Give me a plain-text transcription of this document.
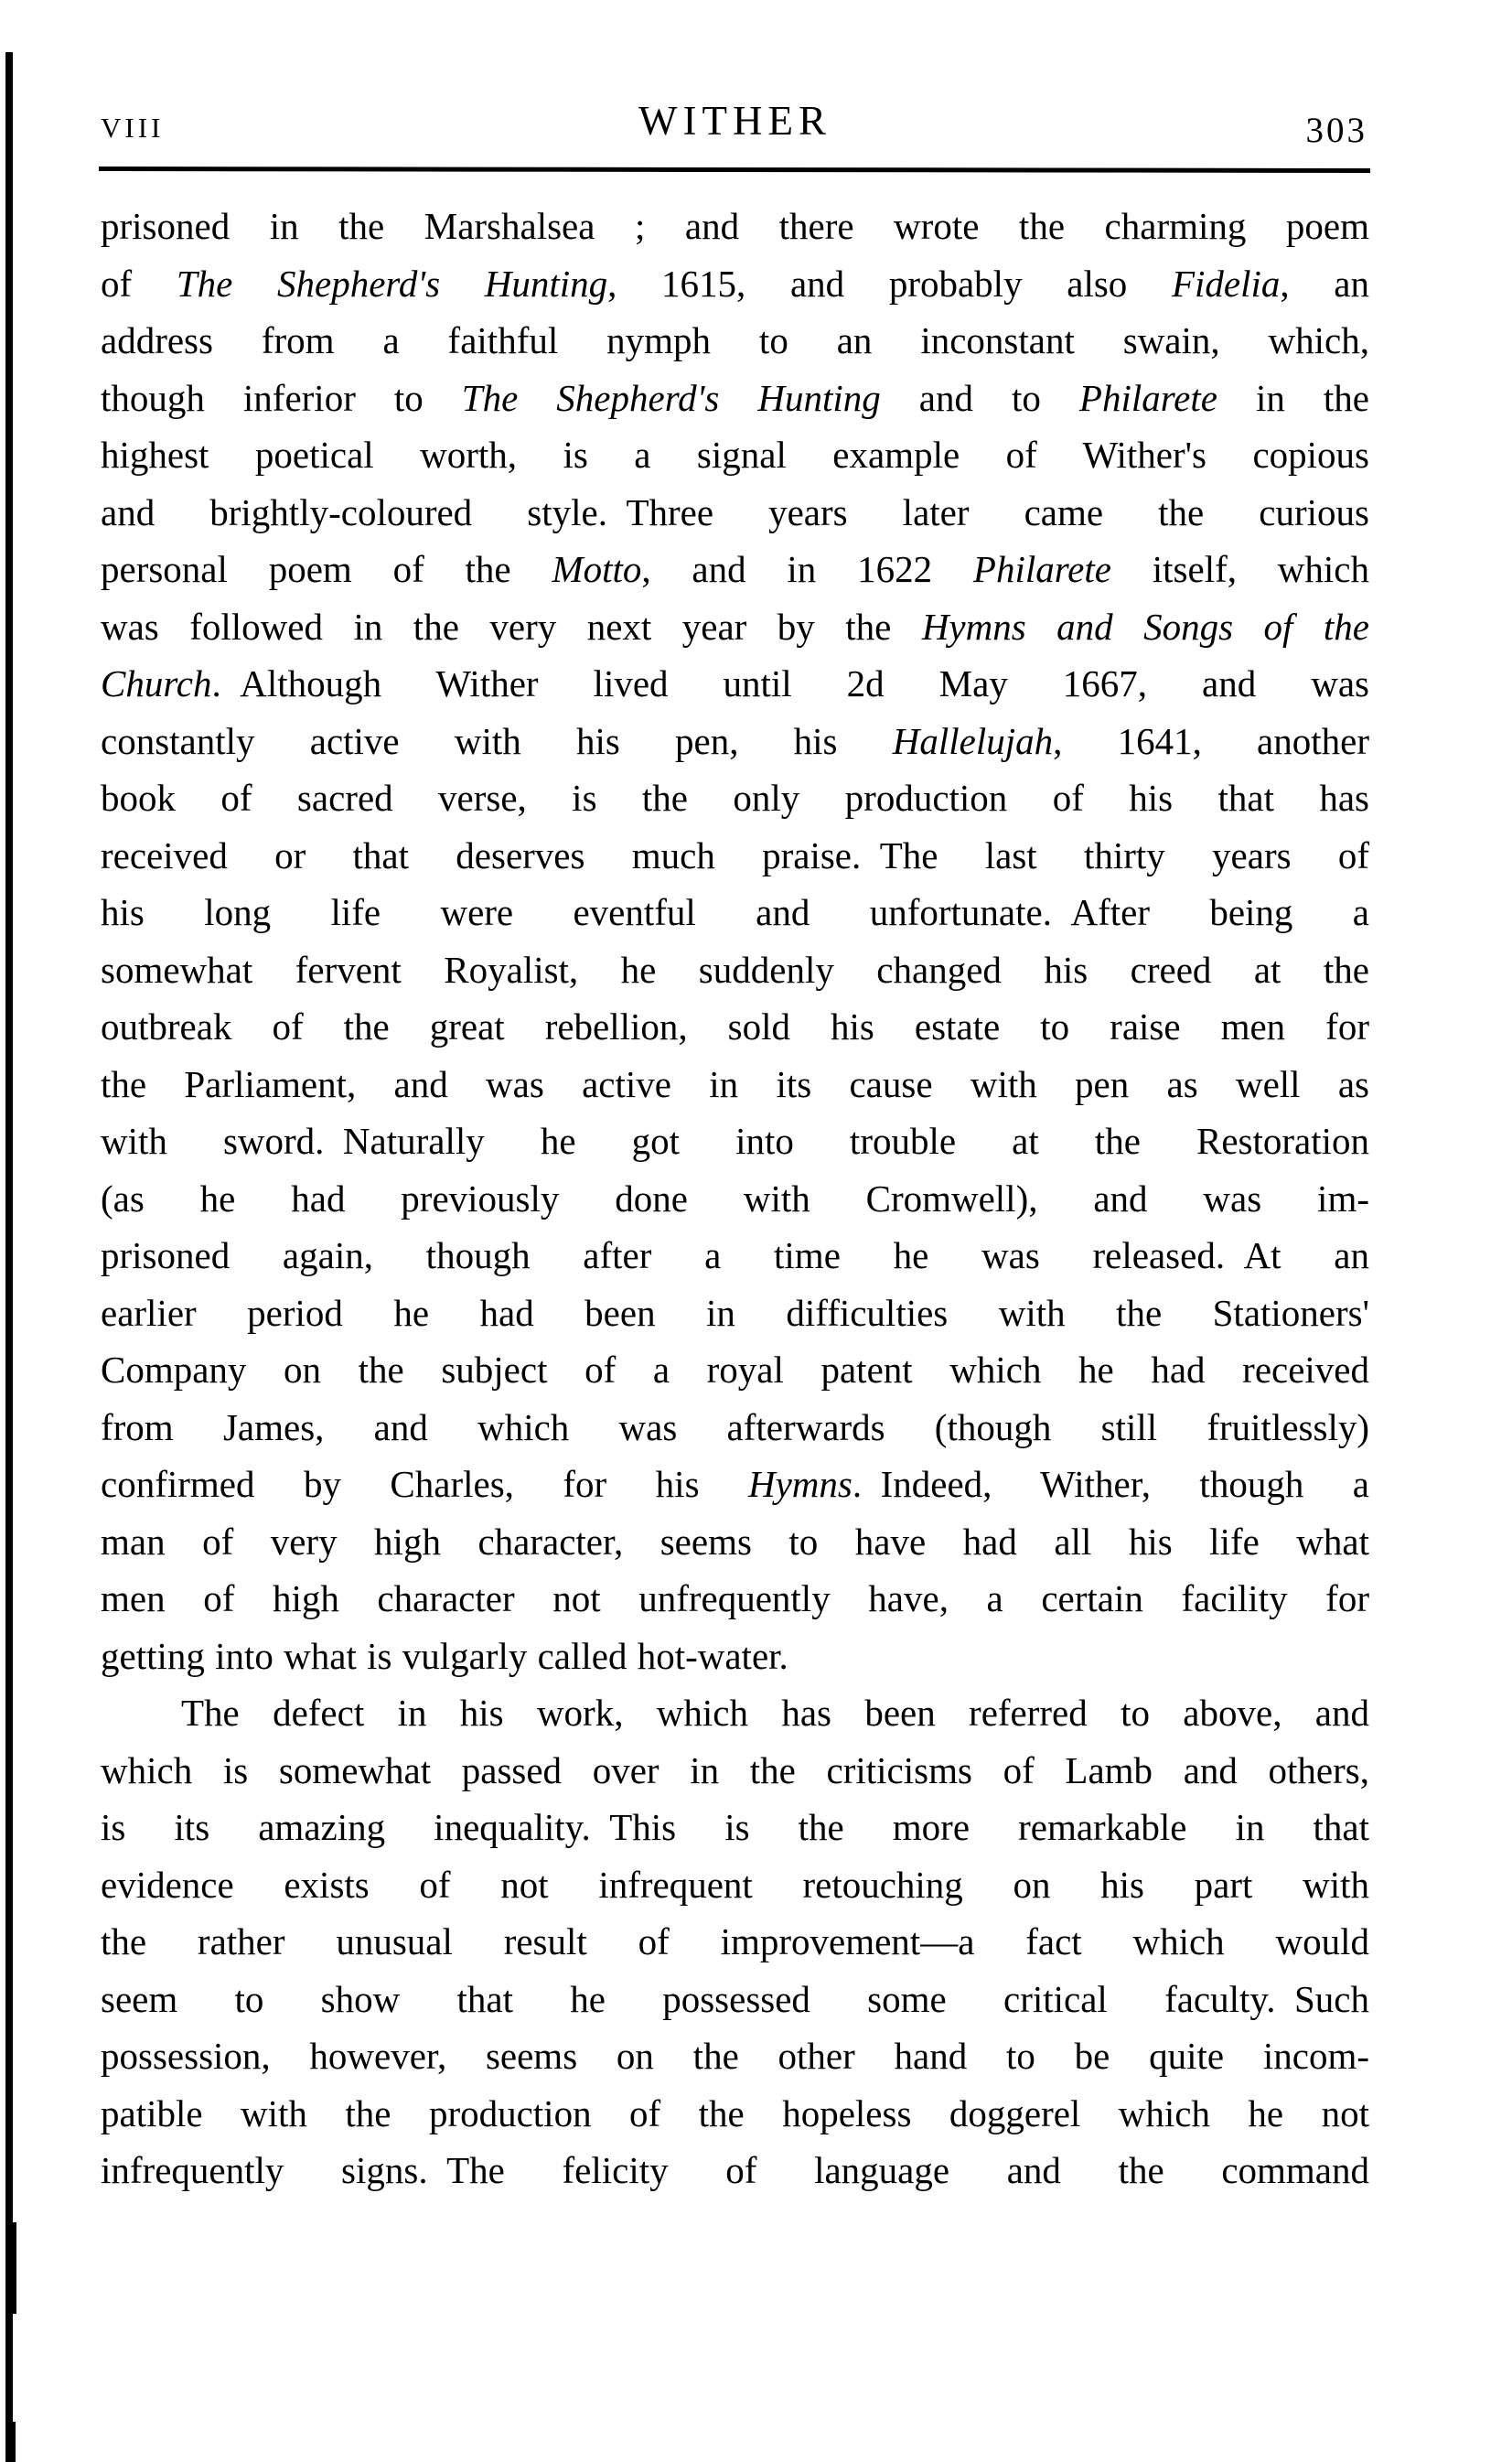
VIII	WITHER	303
prisoned in the Marshalsea ; and there wrote the charming poem
of The Shepherd's Hunting, 1615, and probably also Fidelia, an
address from a faithful nymph to an inconstant swain, which,
though inferior to The Shepherd's Hunting and to Philarete in the
highest poetical worth, is a signal example of Wither's copious
and brightly-coloured style. Three years later came the curious
personal poem of the Motto, and in 1622 Philarete itself, which
was followed in the very next year by the Hymns and Songs of the
Church. Although Wither lived until 2d May 1667, and was
constantly active with his pen, his Hallelujah, 1641, another
book of sacred verse, is the only production of his that has
received or that deserves much praise. The last thirty years of
his long life were eventful and unfortunate. After being a
somewhat fervent Royalist, he suddenly changed his creed at the
outbreak of the great rebellion, sold his estate to raise men for
the Parliament, and was active in its cause with pen as well as
with sword. Naturally he got into trouble at the Restoration
(as he had previously done with Cromwell), and was im-
prisoned again, though after a time he was released. At an
earlier period he had been in difficulties with the Stationers'
Company on the subject of a royal patent which he had received
from James, and which was afterwards (though still fruitlessly)
confirmed by Charles, for his Hymns. Indeed, Wither, though a
man of very high character, seems to have had all his life what
men of high character not unfrequently have, a certain facility for
getting into what is vulgarly called hot-water.
The defect in his work, which has been referred to above, and
which is somewhat passed over in the criticisms of Lamb and others,
is its amazing inequality. This is the more remarkable in that
evidence exists of not infrequent retouching on his part with
the rather unusual result of improvement—a fact which would
seem to show that he possessed some critical faculty. Such
possession, however, seems on the other hand to be quite incom-
patible with the production of the hopeless doggerel which he not
infrequently signs. The felicity of language and the command
